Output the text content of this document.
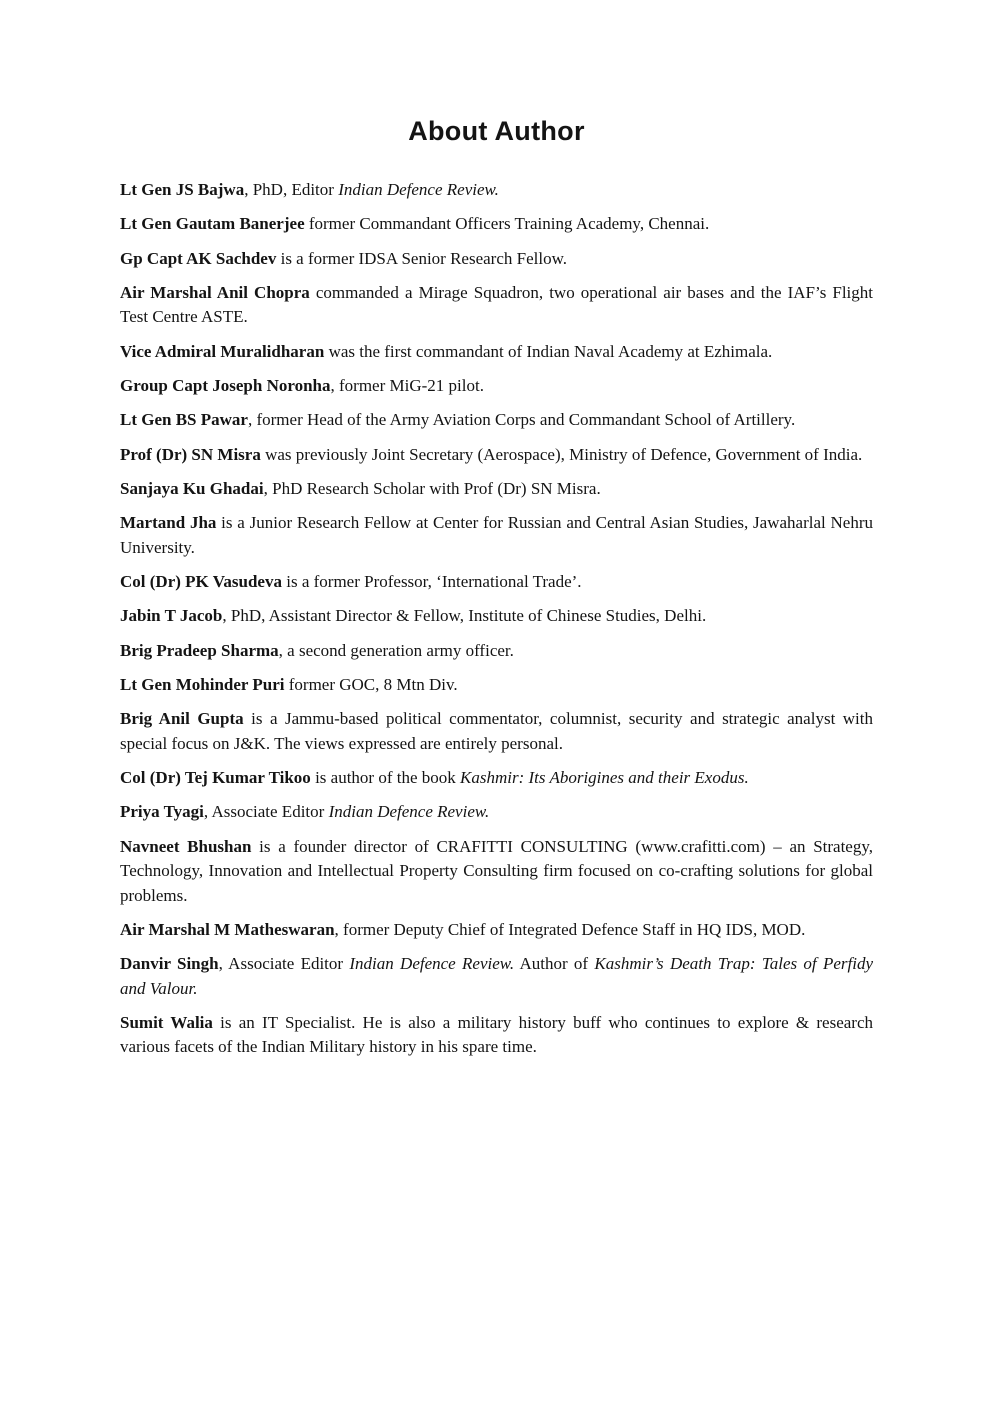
About Author

Lt Gen JS Bajwa, PhD, Editor Indian Defence Review.

Lt Gen Gautam Banerjee former Commandant Officers Training Academy, Chennai.

Gp Capt AK Sachdev is a former IDSA Senior Research Fellow.

Air Marshal Anil Chopra commanded a Mirage Squadron, two operational air bases and the IAF’s Flight Test Centre ASTE.

Vice Admiral Muralidharan was the first commandant of Indian Naval Academy at Ezhimala.

Group Capt Joseph Noronha, former MiG-21 pilot.

Lt Gen BS Pawar, former Head of the Army Aviation Corps and Commandant School of Artillery.

Prof (Dr) SN Misra was previously Joint Secretary (Aerospace), Ministry of Defence, Government of India.

Sanjaya Ku Ghadai, PhD Research Scholar with Prof (Dr) SN Misra.

Martand Jha is a Junior Research Fellow at Center for Russian and Central Asian Studies, Jawaharlal Nehru University.

Col (Dr) PK Vasudeva is a former Professor, ‘International Trade’.

Jabin T Jacob, PhD, Assistant Director & Fellow, Institute of Chinese Studies, Delhi.

Brig Pradeep Sharma, a second generation army officer.

Lt Gen Mohinder Puri former GOC, 8 Mtn Div.

Brig Anil Gupta is a Jammu-based political commentator, columnist, security and strategic analyst with special focus on J&K. The views expressed are entirely personal.

Col (Dr) Tej Kumar Tikoo is author of the book Kashmir: Its Aborigines and their Exodus.

Priya Tyagi, Associate Editor Indian Defence Review.

Navneet Bhushan is a founder director of CRAFITTI CONSULTING (www.crafitti.com) – an Strategy, Technology, Innovation and Intellectual Property Consulting firm focused on co-crafting solutions for global problems.

Air Marshal M Matheswaran, former Deputy Chief of Integrated Defence Staff in HQ IDS, MOD.

Danvir Singh, Associate Editor Indian Defence Review. Author of Kashmir’s Death Trap: Tales of Perfidy and Valour.

Sumit Walia is an IT Specialist. He is also a military history buff who continues to explore & research various facets of the Indian Military history in his spare time.
